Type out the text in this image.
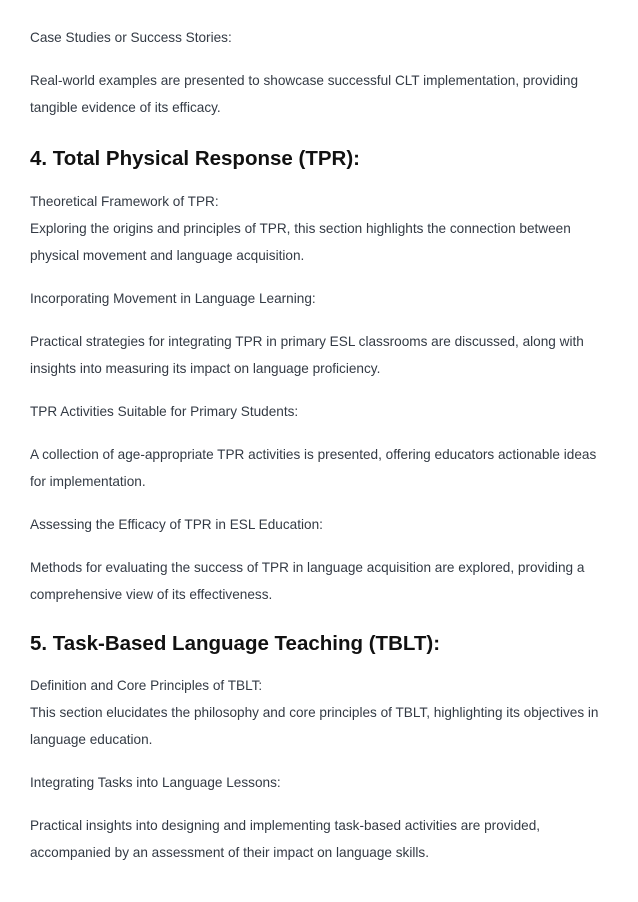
Case Studies or Success Stories:

Real-world examples are presented to showcase successful CLT implementation, providing tangible evidence of its efficacy.

4. Total Physical Response (TPR):

Theoretical Framework of TPR:

Exploring the origins and principles of TPR, this section highlights the connection between physical movement and language acquisition.

Incorporating Movement in Language Learning:

Practical strategies for integrating TPR in primary ESL classrooms are discussed, along with insights into measuring its impact on language proficiency.

TPR Activities Suitable for Primary Students:

A collection of age-appropriate TPR activities is presented, offering educators actionable ideas for implementation.

Assessing the Efficacy of TPR in ESL Education:

Methods for evaluating the success of TPR in language acquisition are explored, providing a comprehensive view of its effectiveness.

5. Task-Based Language Teaching (TBLT):

Definition and Core Principles of TBLT:

This section elucidates the philosophy and core principles of TBLT, highlighting its objectives in language education.

Integrating Tasks into Language Lessons:

Practical insights into designing and implementing task-based activities are provided, accompanied by an assessment of their impact on language skills.
